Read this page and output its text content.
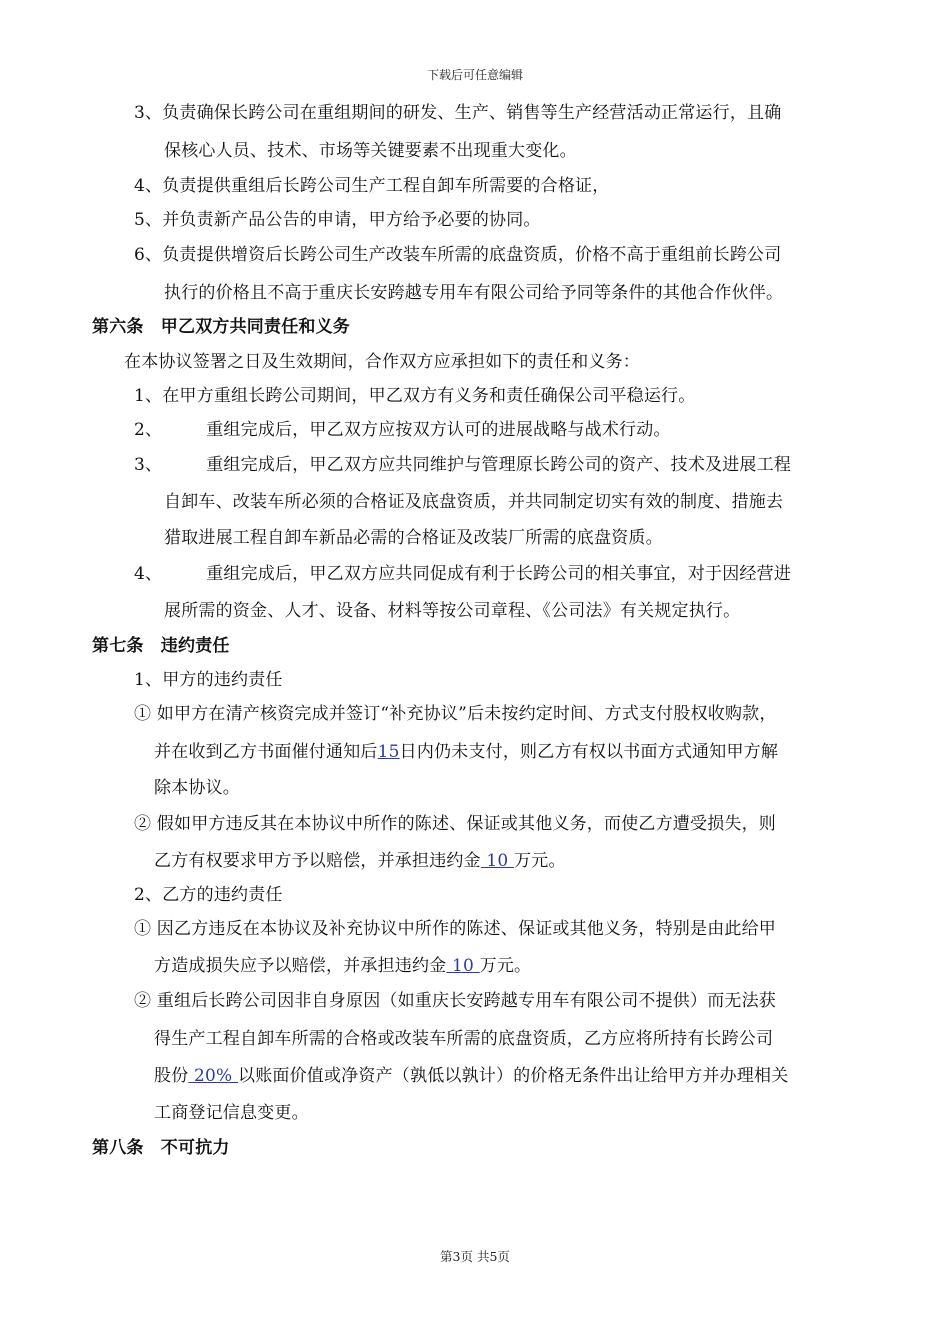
下载后可任意编辑
3、负责确保长跨公司在重组期间的研发、生产、销售等生产经营活动正常运行，且确
保核心人员、技术、市场等关键要素不出现重大变化。
4、负责提供重组后长跨公司生产工程自卸车所需要的合格证，
5、并负责新产品公告的申请，甲方给予必要的协同。
6、负责提供增资后长跨公司生产改装车所需的底盘资质，价格不高于重组前长跨公司
执行的价格且不高于重庆长安跨越专用车有限公司给予同等条件的其他合作伙伴。
第六条　甲乙双方共同责任和义务
在本协议签署之日及生效期间，合作双方应承担如下的责任和义务：
1、在甲方重组长跨公司期间，甲乙双方有义务和责任确保公司平稳运行。
2、	重组完成后，甲乙双方应按双方认可的进展战略与战术行动。
3、	重组完成后，甲乙双方应共同维护与管理原长跨公司的资产、技术及进展工程
自卸车、改装车所必须的合格证及底盘资质，并共同制定切实有效的制度、措施去
猎取进展工程自卸车新品必需的合格证及改装厂所需的底盘资质。
4、	重组完成后，甲乙双方应共同促成有利于长跨公司的相关事宜，对于因经营进
展所需的资金、人才、设备、材料等按公司章程、《公司法》有关规定执行。
第七条　违约责任
1、甲方的违约责任
① 如甲方在清产核资完成并签订“补充协议”后未按约定时间、方式支付股权收购款，
并在收到乙方书面催付通知后15日内仍未支付，则乙方有权以书面方式通知甲方解
除本协议。
② 假如甲方违反其在本协议中所作的陈述、保证或其他义务，而使乙方遭受损失，则
乙方有权要求甲方予以赔偿，并承担违约金 10 万元。
2、乙方的违约责任
① 因乙方违反在本协议及补充协议中所作的陈述、保证或其他义务，特别是由此给甲
方造成损失应予以赔偿，并承担违约金 10 万元。
② 重组后长跨公司因非自身原因（如重庆长安跨越专用车有限公司不提供）而无法获
得生产工程自卸车所需的合格或改装车所需的底盘资质，乙方应将所持有长跨公司
股份 20% 以账面价值或净资产（孰低以孰计）的价格无条件出让给甲方并办理相关
工商登记信息变更。
第八条　不可抗力
第3页 共5页
